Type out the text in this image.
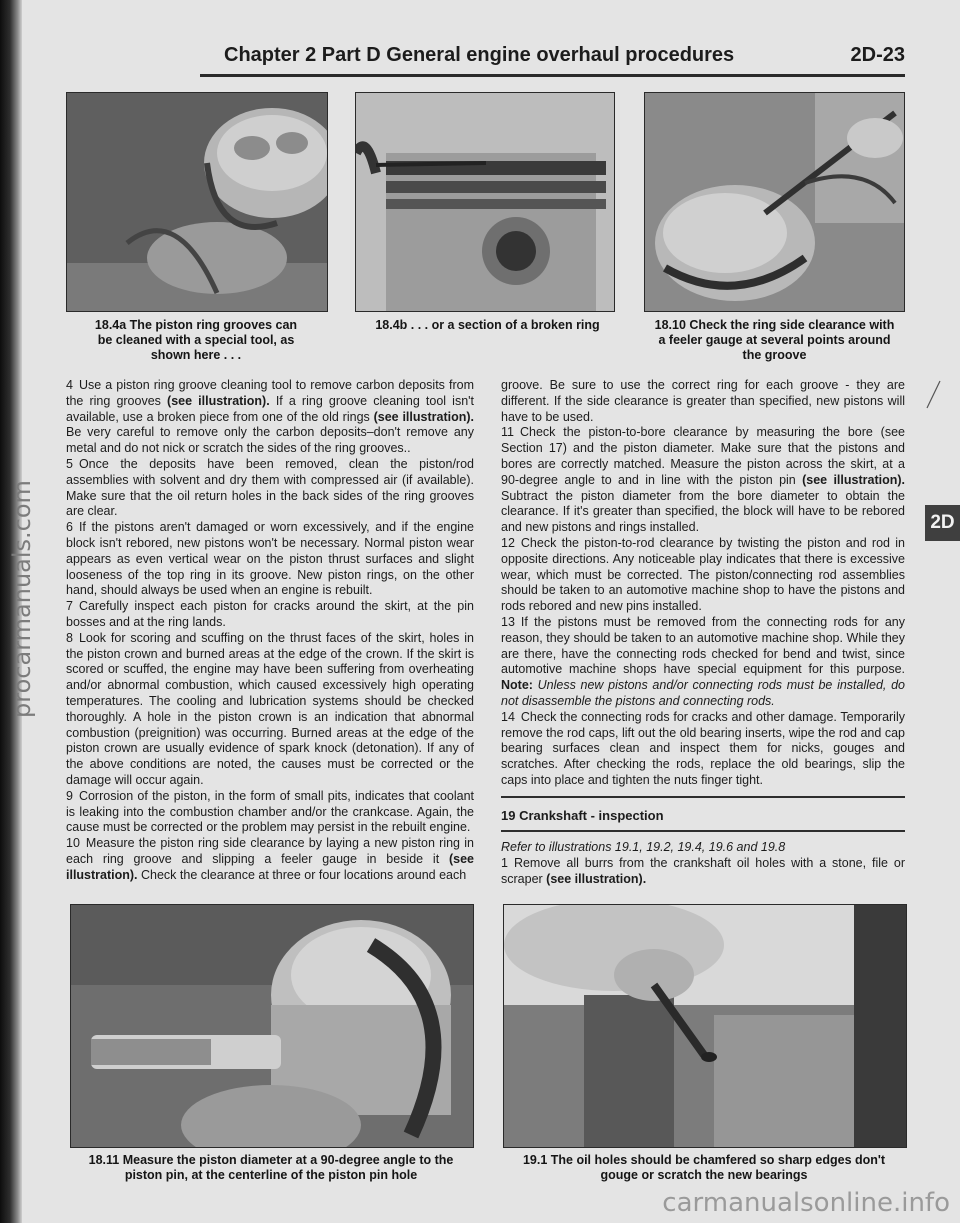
procarmanuals.com
Chapter 2 Part D General engine overhaul procedures	2D-23
2D
18.4a The piston ring grooves can
be cleaned with a special tool, as
shown here . . .
18.4b . . . or a section of a broken ring	18.10 Check the ring side clearance with
a feeler gauge at several points around
the groove

4 Use a piston ring groove cleaning tool to remove carbon deposits from the ring grooves (see illustration). If a ring groove cleaning tool isn't available, use a broken piece from one of the old rings (see illustration). Be very careful to remove only the carbon deposits–don't remove any metal and do not nick or scratch the sides of the ring grooves..

5 Once the deposits have been removed, clean the piston/rod assemblies with solvent and dry them with compressed air (if available). Make sure that the oil return holes in the back sides of the ring grooves are clear.

6 If the pistons aren't damaged or worn excessively, and if the engine block isn't rebored, new pistons won't be necessary. Normal piston wear appears as even vertical wear on the piston thrust surfaces and slight looseness of the top ring in its groove. New piston rings, on the other hand, should always be used when an engine is rebuilt.

7 Carefully inspect each piston for cracks around the skirt, at the pin bosses and at the ring lands.

8 Look for scoring and scuffing on the thrust faces of the skirt, holes in the piston crown and burned areas at the edge of the crown. If the skirt is scored or scuffed, the engine may have been suffering from overheating and/or abnormal combustion, which caused excessively high operating temperatures. The cooling and lubrication systems should be checked thoroughly. A hole in the piston crown is an indication that abnormal combustion (preignition) was occurring. Burned areas at the edge of the piston crown are usually evidence of spark knock (detonation). If any of the above conditions are noted, the causes must be corrected or the damage will occur again.

9 Corrosion of the piston, in the form of small pits, indicates that coolant is leaking into the combustion chamber and/or the crankcase. Again, the cause must be corrected or the problem may persist in the rebuilt engine.

10 Measure the piston ring side clearance by laying a new piston ring in each ring groove and slipping a feeler gauge in beside it (see illustration). Check the clearance at three or four locations around each

groove. Be sure to use the correct ring for each groove - they are different. If the side clearance is greater than specified, new pistons will have to be used.

11 Check the piston-to-bore clearance by measuring the bore (see Section 17) and the piston diameter. Make sure that the pistons and bores are correctly matched. Measure the piston across the skirt, at a 90-degree angle to and in line with the piston pin (see illustration). Subtract the piston diameter from the bore diameter to obtain the clearance. If it's greater than specified, the block will have to be rebored and new pistons and rings installed.

12 Check the piston-to-rod clearance by twisting the piston and rod in opposite directions. Any noticeable play indicates that there is excessive wear, which must be corrected. The piston/connecting rod assemblies should be taken to an automotive machine shop to have the pistons and rods rebored and new pins installed.

13 If the pistons must be removed from the connecting rods for any reason, they should be taken to an automotive machine shop. While they are there, have the connecting rods checked for bend and twist, since automotive machine shops have special equipment for this purpose. Note: Unless new pistons and/or connecting rods must be installed, do not disassemble the pistons and connecting rods.

14 Check the connecting rods for cracks and other damage. Temporarily remove the rod caps, lift out the old bearing inserts, wipe the rod and cap bearing surfaces clean and inspect them for nicks, gouges and scratches. After checking the rods, replace the old bearings, slip the caps into place and tighten the nuts finger tight.

19 Crankshaft - inspection

Refer to illustrations 19.1, 19.2, 19.4, 19.6 and 19.8

1 Remove all burrs from the crankshaft oil holes with a stone, file or scraper (see illustration).

18.11 Measure the piston diameter at a 90-degree angle to the
piston pin, at the centerline of the piston pin hole
19.1 The oil holes should be chamfered so sharp edges don't
gouge or scratch the new bearings
carmanualsonline.info
